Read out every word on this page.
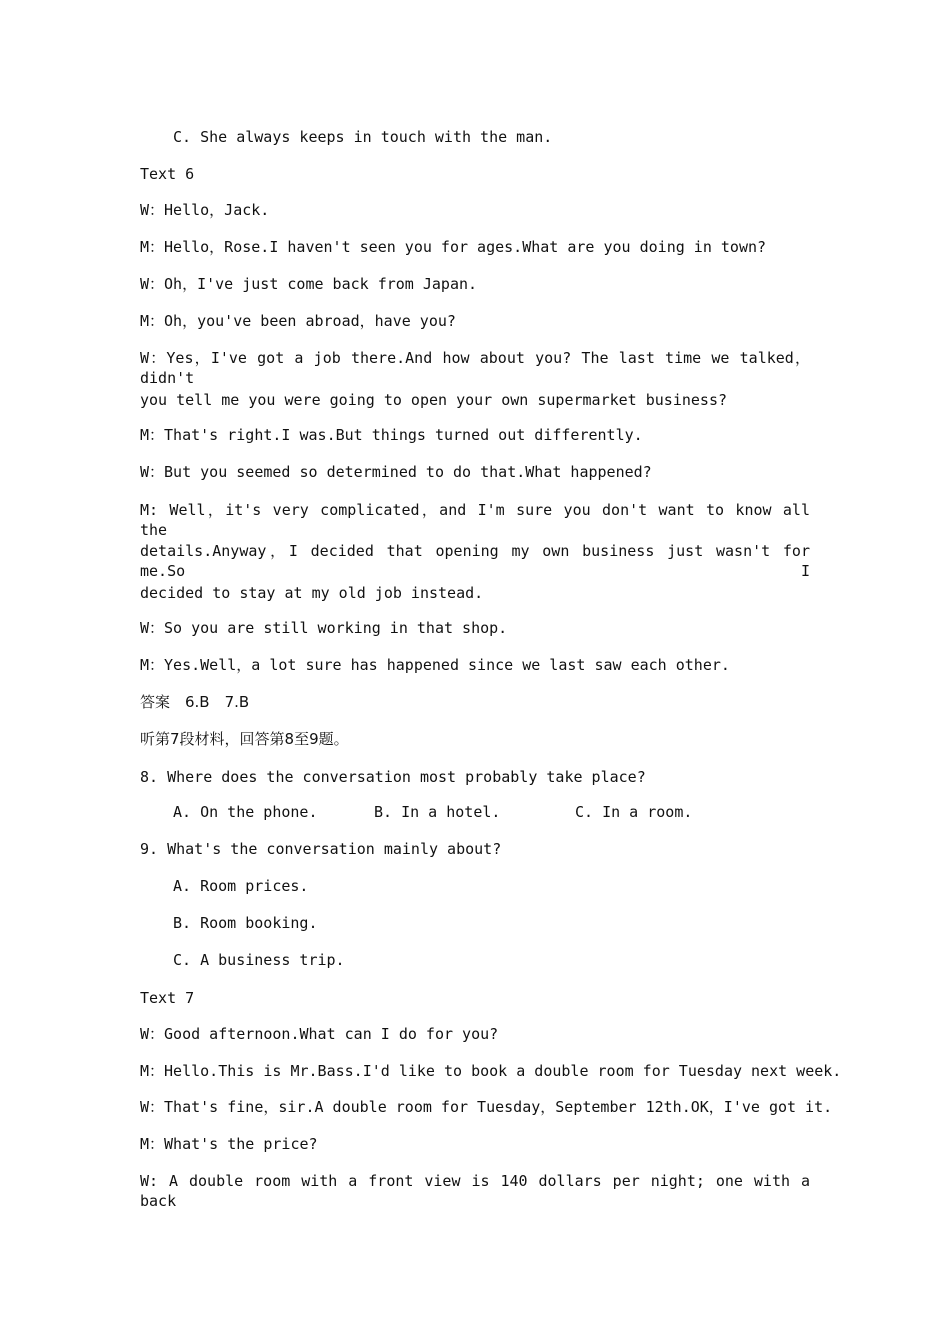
C. She always keeps in touch with the man.
Text 6
W：Hello，Jack.
M：Hello，Rose.I haven't seen you for ages.What are you doing in town?
W：Oh，I've just come back from Japan.
M：Oh，you've been abroad，have you?
W：Yes，I've got a job there.And how about you? The last time we talked，didn't
you tell me you were going to open your own supermarket business?
M：That's right.I was.But things turned out differently.
W：But you seemed so determined to do that.What happened?
M: Well，it's very complicated，and I'm sure you don't want to know all the
details.Anyway，I decided that opening my own business just wasn't for me.So I
decided to stay at my old job instead.
W：So you are still working in that shop.
M：Yes.Well，a lot sure has happened since we last saw each other.
答案　6.B　7.B
听第7段材料，回答第8至9题。
8. Where does the conversation most probably take place?
A. On the phone.	B. In a hotel.	C. In a room.
9. What's the conversation mainly about?
A. Room prices.
B. Room booking.
C. A business trip.
Text 7
W：Good afternoon.What can I do for you?
M：Hello.This is Mr.Bass.I'd like to book a double room for Tuesday next week.
W：That's fine，sir.A double room for Tuesday，September 12th.OK，I've got it.
M：What's the price?
W: A double room with a front view is 140 dollars per night; one with a back
